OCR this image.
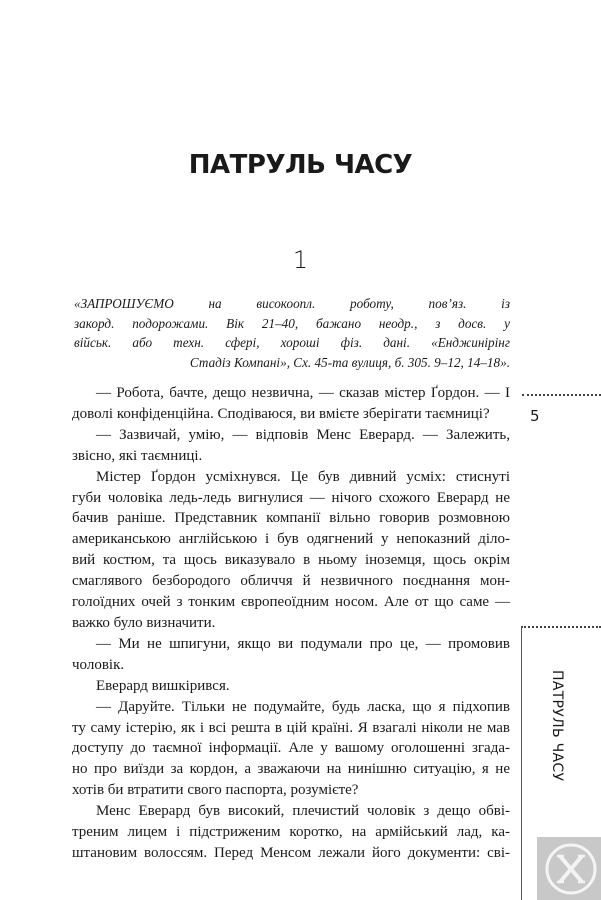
ПАТРУЛЬ ЧАСУ
1

«ЗАПРОШУЄМО на високоопл. роботу, пов’яз. із
закорд. подорожами. Вік 21–40, бажано неодр., з досв. у
військ. або техн. сфері, хороші фіз. дані. «Енджинірінг
Стадіз Компані», Сх. 45-та вулиця, б. 305. 9–12, 14–18».

— Робота, бачте, дещо незвична, — сказав містер Ґордон. — І
доволі конфіденційна. Сподіваюся, ви вмієте зберігати таємниці?
— Зазвичай, умію, — відповів Менс Еверард. — Залежить,
звісно, які таємниці.
Містер Ґордон усміхнувся. Це був дивний усміх: стиснуті
губи чоловіка ледь-ледь вигнулися — нічого схожого Еверард не
бачив раніше. Представник компанії вільно говорив розмовною
американською англійською і був одягнений у непоказний діло-
вий костюм, та щось виказувало в ньому іноземця, щось окрім
смаглявого безбородого обличчя й незвичного поєднання мон-
голоїдних очей з тонким європеоїдним носом. Але от що саме —
важко було визначити.
— Ми не шпигуни, якщо ви подумали про це, — промовив
чоловік.
Еверард вишкірився.
— Даруйте. Тільки не подумайте, будь ласка, що я підхопив
ту саму істерію, як і всі решта в цій країні. Я взагалі ніколи не мав
доступу до таємної інформації. Але у вашому оголошенні згада-
но про виїзди за кордон, а зважаючи на нинішню ситуацію, я не
хотів би втратити свого паспорта, розумієте?
Менс Еверард був високий, плечистий чоловік з дещо обві-
треним лицем і підстриженим коротко, на армійський лад, ка-
штановим волоссям. Перед Менсом лежали його документи: сві-

5
ПАТРУЛЬ ЧАСУ
